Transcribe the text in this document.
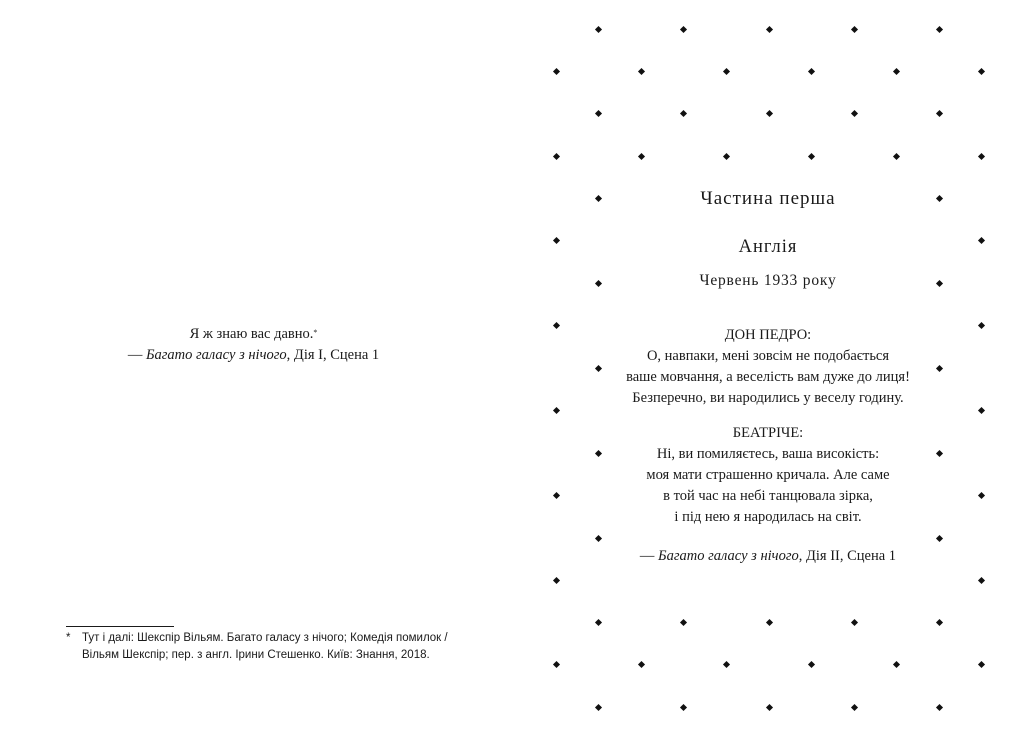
Я ж знаю вас давно.*
— Багато галасу з нічого, Дія І, Сцена 1
* Тут і далі: Шекспір Вільям. Багато галасу з нічого; Комедія помилок /
Вільям Шекспір; пер. з англ. Ірини Стешенко. Київ: Знання, 2018.
Частина перша
Англія
Червень 1933 року
ДОН ПЕДРО:
О, навпаки, мені зовсім не подобається
ваше мовчання, а веселість вам дуже до лиця!
Безперечно, ви народились у веселу годину.
БЕАТРІЧЕ:
Ні, ви помиляєтесь, ваша високість:
моя мати страшенно кричала. Але саме
в той час на небі танцювала зірка,
і під нею я народилась на світ.
— Багато галасу з нічого, Дія ІІ, Сцена 1
